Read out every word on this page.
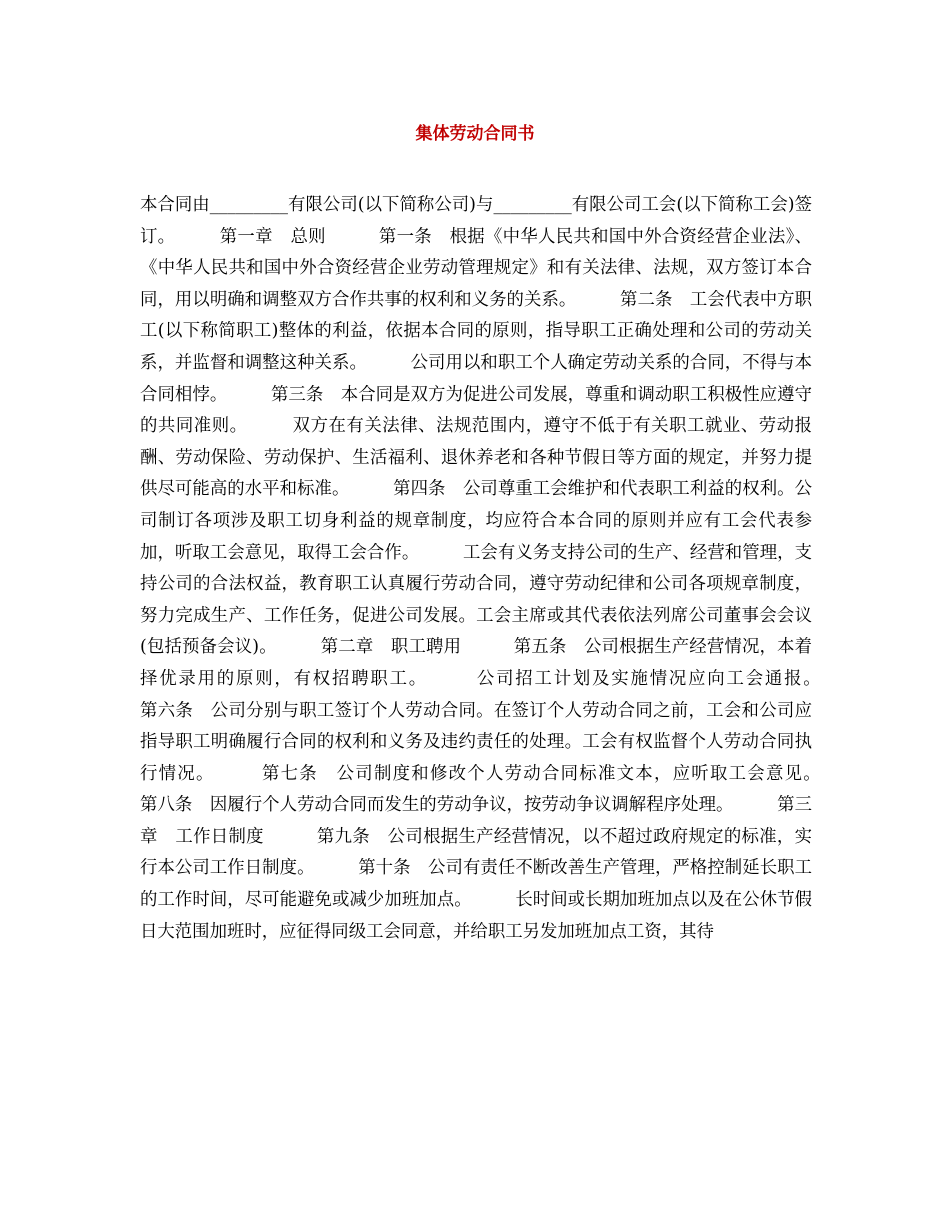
集体劳动合同书

本合同由_________有限公司(以下简称公司)与_________有限公司工会(以下简称工会)签订。　　　第一章　总则　　　第一条　根据《中华人民共和国中外合资经营企业法》、《中华人民共和国中外合资经营企业劳动管理规定》和有关法律、法规，双方签订本合同，用以明确和调整双方合作共事的权利和义务的关系。　　　第二条　工会代表中方职工(以下称简职工)整体的利益，依据本合同的原则，指导职工正确处理和公司的劳动关系，并监督和调整这种关系。　　　公司用以和职工个人确定劳动关系的合同，不得与本合同相悖。　　　第三条　本合同是双方为促进公司发展，尊重和调动职工积极性应遵守的共同准则。　　　双方在有关法律、法规范围内，遵守不低于有关职工就业、劳动报酬、劳动保险、劳动保护、生活福利、退休养老和各种节假日等方面的规定，并努力提供尽可能高的水平和标准。　　　第四条　公司尊重工会维护和代表职工利益的权利。公司制订各项涉及职工切身利益的规章制度，均应符合本合同的原则并应有工会代表参加，听取工会意见，取得工会合作。　　　工会有义务支持公司的生产、经营和管理，支持公司的合法权益，教育职工认真履行劳动合同，遵守劳动纪律和公司各项规章制度，努力完成生产、工作任务，促进公司发展。工会主席或其代表依法列席公司董事会会议(包括预备会议)。　　　第二章　职工聘用　　　第五条　公司根据生产经营情况，本着择优录用的原则，有权招聘职工。　　　公司招工计划及实施情况应向工会通报。　　　第六条　公司分别与职工签订个人劳动合同。在签订个人劳动合同之前，工会和公司应指导职工明确履行合同的权利和义务及违约责任的处理。工会有权监督个人劳动合同执行情况。　　　第七条　公司制度和修改个人劳动合同标准文本，应听取工会意见。　　　第八条　因履行个人劳动合同而发生的劳动争议，按劳动争议调解程序处理。　　　第三章　工作日制度　　　第九条　公司根据生产经营情况，以不超过政府规定的标准，实行本公司工作日制度。　　　第十条　公司有责任不断改善生产管理，严格控制延长职工的工作时间，尽可能避免或减少加班加点。　　　长时间或长期加班加点以及在公休节假日大范围加班时，应征得同级工会同意，并给职工另发加班加点工资，其待
